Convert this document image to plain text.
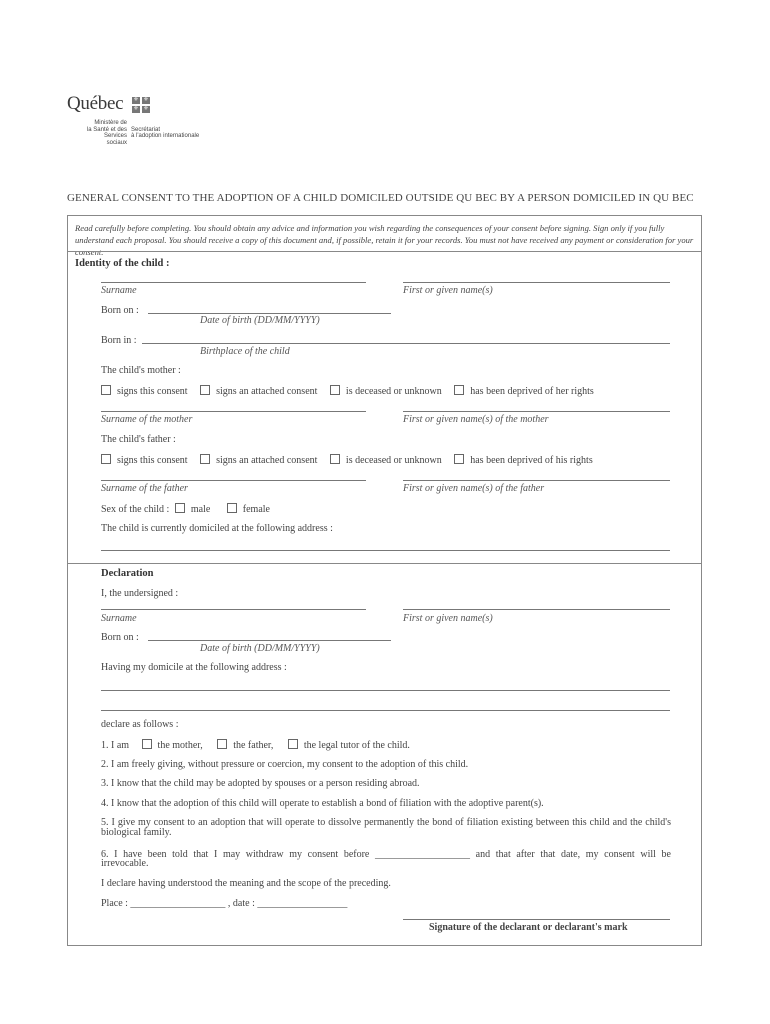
Québec ⚜ ⚜
⚜ ⚜
Ministère de
la Santé et des
Services sociaux
Secrétariat
à l'adoption internationale
GENERAL CONSENT TO THE ADOPTION OF A CHILD DOMICILED OUTSIDE QU BEC BY A PERSON DOMICILED IN QU BEC
Read carefully before completing. You should obtain any advice and information you wish regarding the consequences of your consent before signing. Sign only if you fully understand each proposal. You should receive a copy of this document and, if possible, retain it for your records. You must not have received any payment or consideration for your consent.
Identity of the child :
Surname	First or given name(s)
Born on :
Date of birth (DD/MM/YYYY)
Born in :
Birthplace of the child
The child's mother :
signs this consent	signs an attached consent	is deceased or unknown	has been deprived of her rights
Surname of the mother	First or given name(s) of the mother
The child's father :
signs this consent	signs an attached consent	is deceased or unknown	has been deprived of his rights
Surname of the father	First or given name(s) of the father
Sex of the child : male	female
The child is currently domiciled at the following address :
Declaration
I, the undersigned :
Surname	First or given name(s)
Born on :
Date of birth (DD/MM/YYYY)
Having my domicile at the following address :
declare as follows :
1. I am	the mother,	the father,	the legal tutor of the child.
2. I am freely giving, without pressure or coercion, my consent to the adoption of this child.
3. I know that the child may be adopted by spouses or a person residing abroad.
4. I know that the adoption of this child will operate to establish a bond of filiation with the adoptive parent(s).
5. I give my consent to an adoption that will operate to dissolve permanently the bond of filiation existing between this child and the child's biological family.
6. I have been told that I may withdraw my consent before ___________________ and that after that date, my consent will be
irrevocable.
I declare having understood the meaning and the scope of the preceding.
Place : ___________________ , date : __________________
Signature of the declarant or declarant's mark
